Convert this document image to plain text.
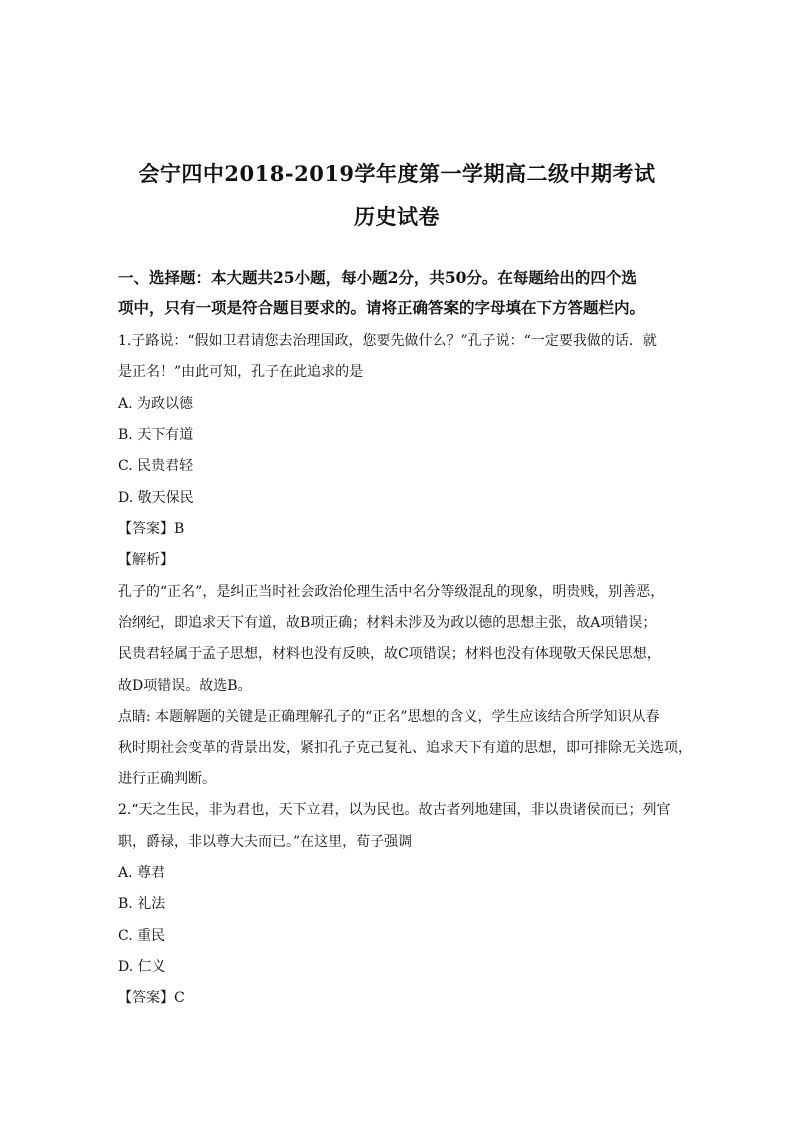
会宁四中2018-2019学年度第一学期高二级中期考试
历史试卷
一、选择题：本大题共25小题，每小题2分，共50分。在每题给出的四个选
项中，只有一项是符合题目要求的。请将正确答案的字母填在下方答题栏内。
1.子路说：“假如卫君请您去治理国政，您要先做什么？”孔子说：“一定要我做的话．就
是正名！”由此可知，孔子在此追求的是
A. 为政以德
B. 天下有道
C. 民贵君轻
D. 敬天保民
【答案】B
【解析】
孔子的“正名”，是纠正当时社会政治伦理生活中名分等级混乱的现象，明贵贱，别善恶，
治纲纪，即追求天下有道，故B项正确；材料未涉及为政以德的思想主张，故A项错误；
民贵君轻属于孟子思想，材料也没有反映，故C项错误；材料也没有体现敬天保民思想，
故D项错误。故选B。
点睛: 本题解题的关键是正确理解孔子的“正名”思想的含义，学生应该结合所学知识从春
秋时期社会变革的背景出发，紧扣孔子克己复礼、追求天下有道的思想，即可排除无关选项，
进行正确判断。
2.“天之生民，非为君也，天下立君，以为民也。故古者列地建国，非以贵诸侯而已；列官
职，爵禄，非以尊大夫而已。”在这里，荀子强调
A. 尊君
B. 礼法
C. 重民
D. 仁义
【答案】C
